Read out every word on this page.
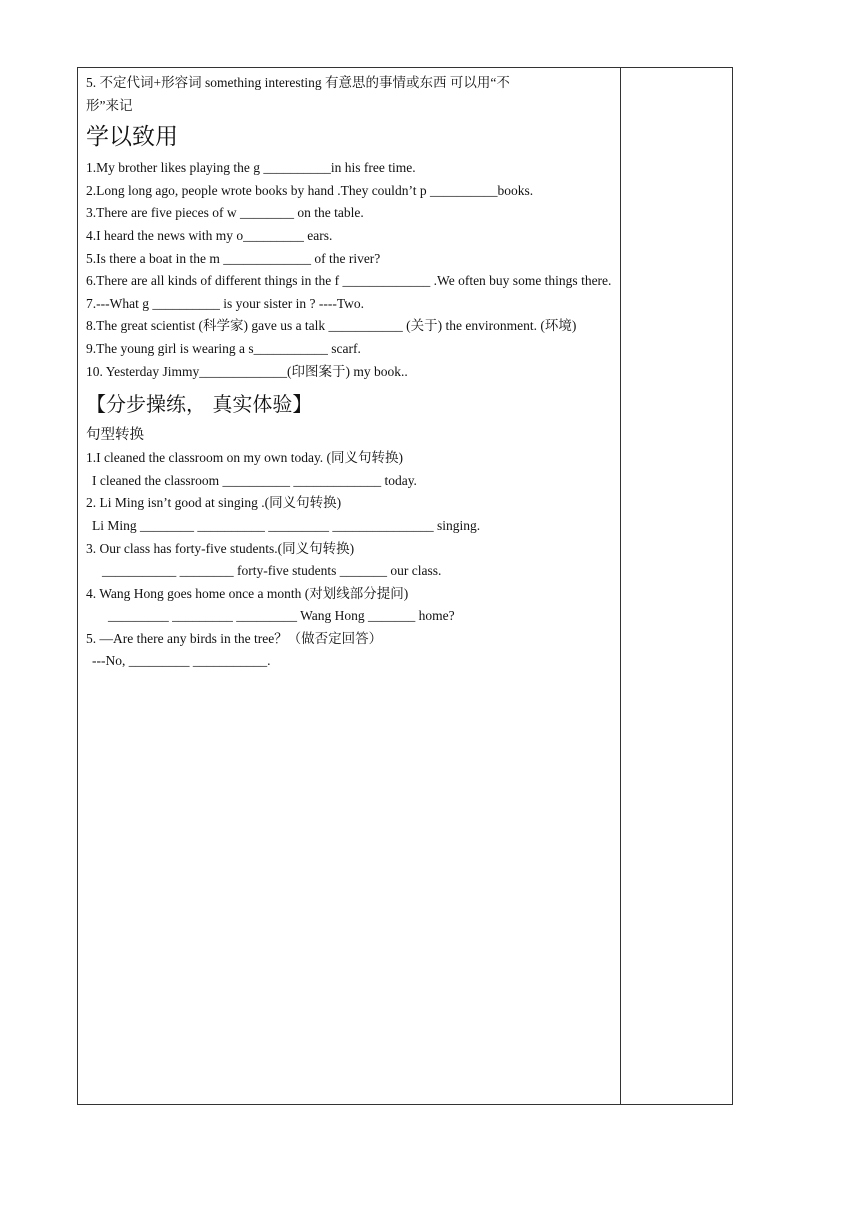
5. 不定代词+形容词 something interesting 有意思的事情或东西 可以用“不
形”来记
学以致用
1.My brother likes playing the g __________in his free time.
2.Long long ago, people wrote books by hand .They couldn’t p __________books.
3.There are five pieces of w ________ on the table.
4.I heard the news with my o_________ ears.
5.Is there a boat in the m _____________ of the river?
6.There are all kinds of different things in the f _____________ .We often buy some things there.
7.---What g __________ is your sister in ? ----Two.
8.The great scientist (科学家) gave us a talk ___________ (关于) the environment. (环境)
9.The young girl is wearing a s___________ scarf.
10. Yesterday Jimmy_____________(印图案于) my book..
【分步操练， 真实体验】
句型转换
1.I cleaned the classroom on my own today. (同义句转换)
I cleaned the classroom __________ _____________ today.
2. Li Ming isn’t good at singing .(同义句转换)
Li Ming ________ __________ _________ _______________ singing.
3. Our class has forty-five students.(同义句转换)
___________ ________ forty-five students _______ our class.
4. Wang Hong goes home once a month (对划线部分提问)
_________ _________ _________ Wang Hong _______ home?
5. —Are there any birds in the tree？（做否定回答）
---No, _________ ___________.
